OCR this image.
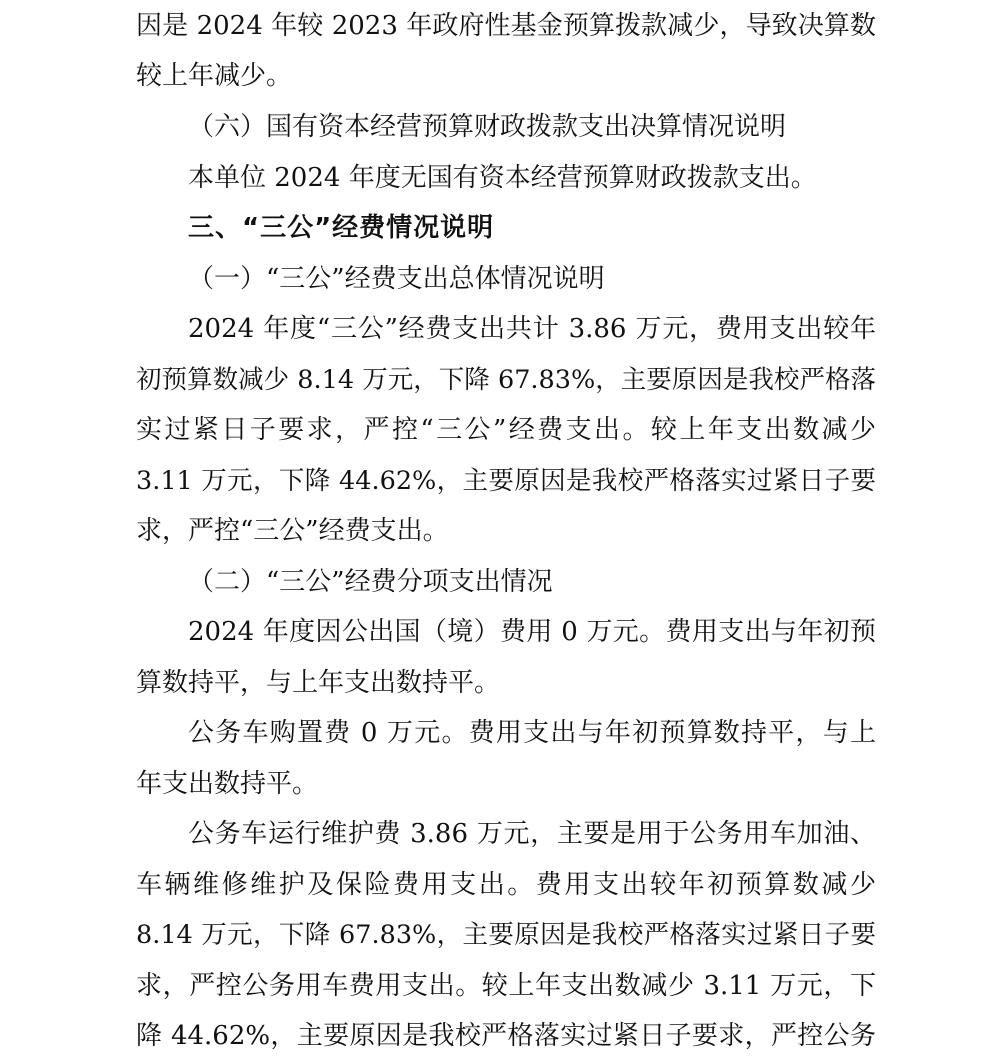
因是 2024 年较 2023 年政府性基金预算拨款减少，导致决算数
较上年减少。
（六）国有资本经营预算财政拨款支出决算情况说明
本单位 2024 年度无国有资本经营预算财政拨款支出。
三、“三公”经费情况说明
（一）“三公”经费支出总体情况说明
2024 年度“三公”经费支出共计 3.86 万元，费用支出较年
初预算数减少 8.14 万元，下降 67.83%，主要原因是我校严格落
实过紧日子要求，严控“三公”经费支出。较上年支出数减少
3.11 万元，下降 44.62%，主要原因是我校严格落实过紧日子要
求，严控“三公”经费支出。
（二）“三公”经费分项支出情况
2024 年度因公出国（境）费用 0 万元。费用支出与年初预
算数持平，与上年支出数持平。
公务车购置费 0 万元。费用支出与年初预算数持平，与上
年支出数持平。
公务车运行维护费 3.86 万元，主要是用于公务用车加油、
车辆维修维护及保险费用支出。费用支出较年初预算数减少
8.14 万元，下降 67.83%，主要原因是我校严格落实过紧日子要
求，严控公务用车费用支出。较上年支出数减少 3.11 万元，下
降 44.62%，主要原因是我校严格落实过紧日子要求，严控公务
